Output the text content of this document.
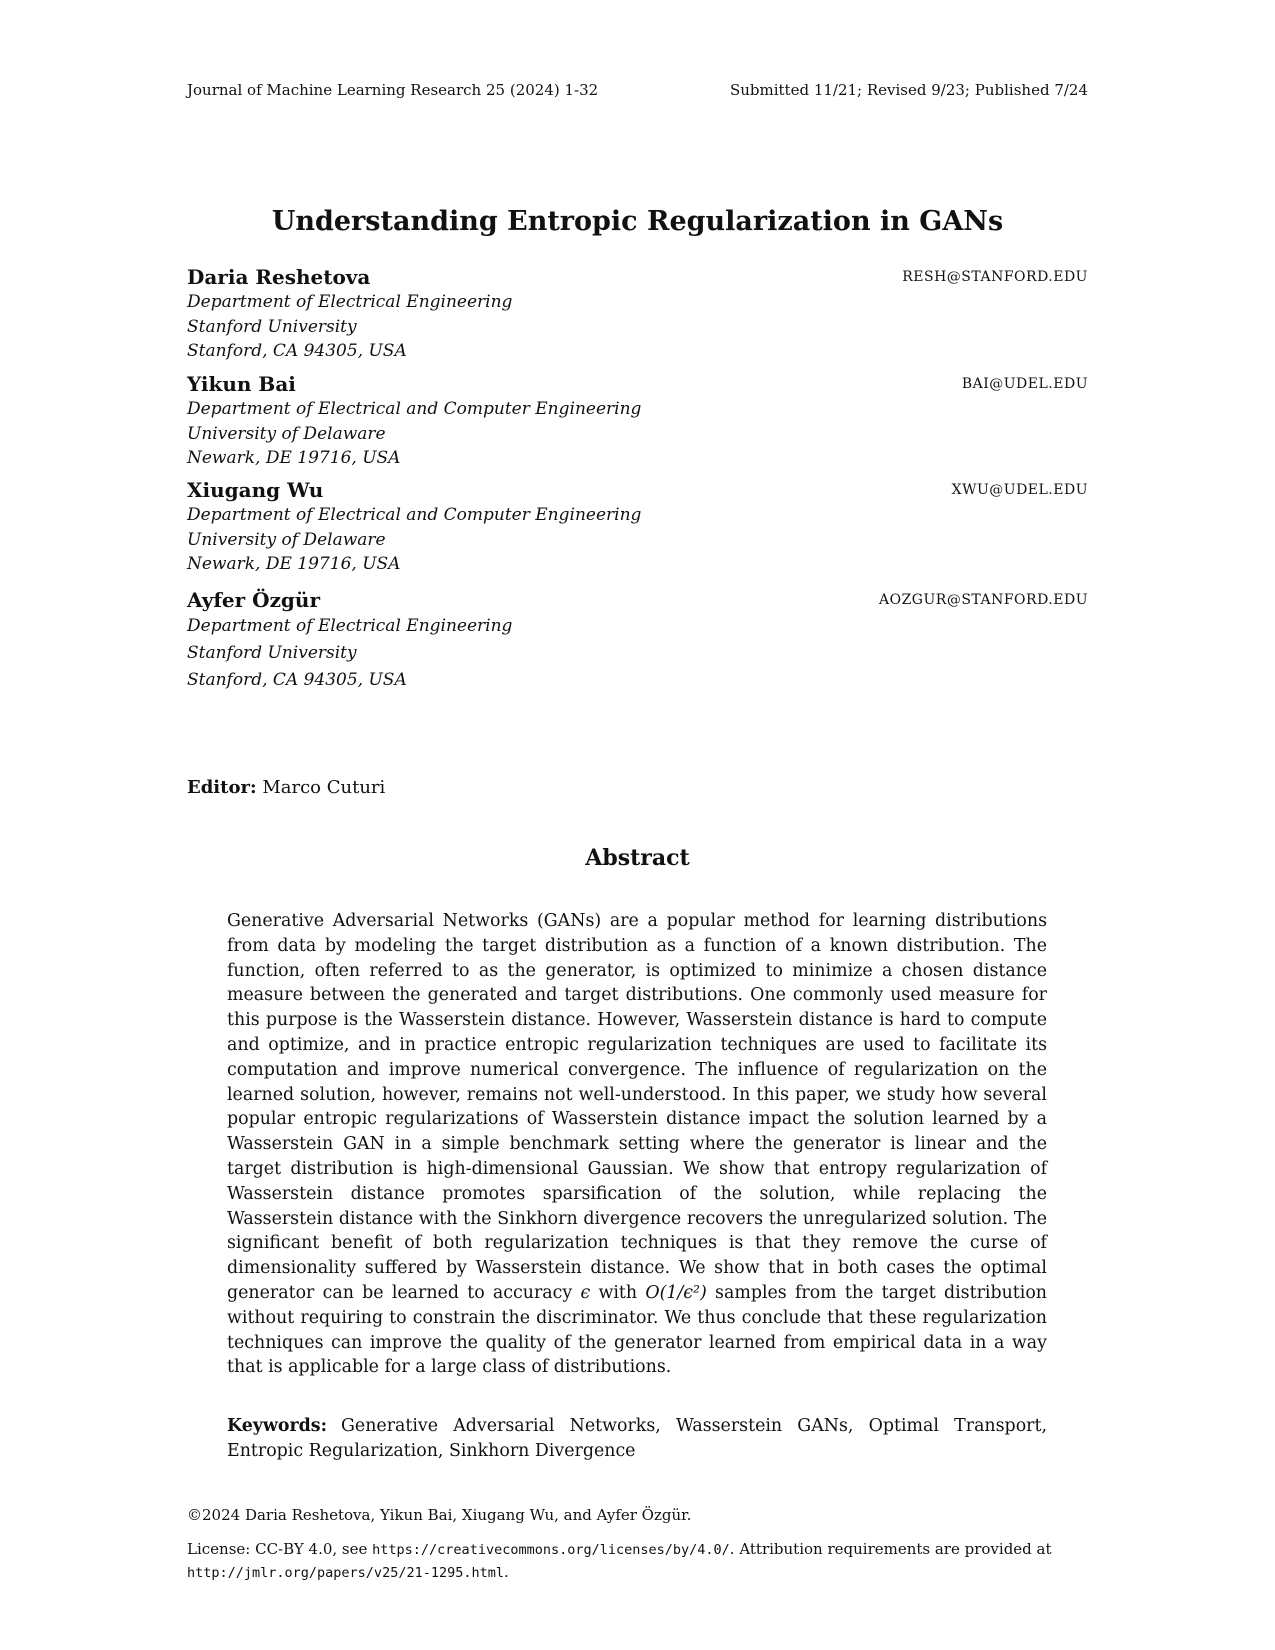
Journal of Machine Learning Research 25 (2024) 1-32	Submitted 11/21; Revised 9/23; Published 7/24
Understanding Entropic Regularization in GANs
Daria Reshetova	RESH@STANFORD.EDU
Department of Electrical Engineering
Stanford University
Stanford, CA 94305, USA
Yikun Bai	BAI@UDEL.EDU
Department of Electrical and Computer Engineering
University of Delaware
Newark, DE 19716, USA
Xiugang Wu	XWU@UDEL.EDU
Department of Electrical and Computer Engineering
University of Delaware
Newark, DE 19716, USA
Ayfer Özgür	AOZGUR@STANFORD.EDU
Department of Electrical Engineering
Stanford University
Stanford, CA 94305, USA
Editor: Marco Cuturi
Abstract
Generative Adversarial Networks (GANs) are a popular method for learning distributions from data by modeling the target distribution as a function of a known distribution. The function, often referred to as the generator, is optimized to minimize a chosen distance measure between the generated and target distributions. One commonly used measure for this purpose is the Wasserstein distance. However, Wasserstein distance is hard to compute and optimize, and in practice entropic regularization techniques are used to facilitate its computation and improve numerical convergence. The influence of regularization on the learned solution, however, remains not well-understood. In this paper, we study how several popular entropic regularizations of Wasserstein distance impact the solution learned by a Wasserstein GAN in a simple benchmark setting where the generator is linear and the target distribution is high-dimensional Gaussian. We show that entropy regularization of Wasserstein distance promotes sparsification of the solution, while replacing the Wasserstein distance with the Sinkhorn divergence recovers the unregularized solution. The significant benefit of both regularization techniques is that they remove the curse of dimensionality suffered by Wasserstein distance. We show that in both cases the optimal generator can be learned to accuracy ϵ with O(1/ϵ²) samples from the target distribution without requiring to constrain the discriminator. We thus conclude that these regularization techniques can improve the quality of the generator learned from empirical data in a way that is applicable for a large class of distributions.
Keywords: Generative Adversarial Networks, Wasserstein GANs, Optimal Transport, Entropic Regularization, Sinkhorn Divergence
©2024 Daria Reshetova, Yikun Bai, Xiugang Wu, and Ayfer Özgür.
License: CC-BY 4.0, see https://creativecommons.org/licenses/by/4.0/. Attribution requirements are provided at http://jmlr.org/papers/v25/21-1295.html.
